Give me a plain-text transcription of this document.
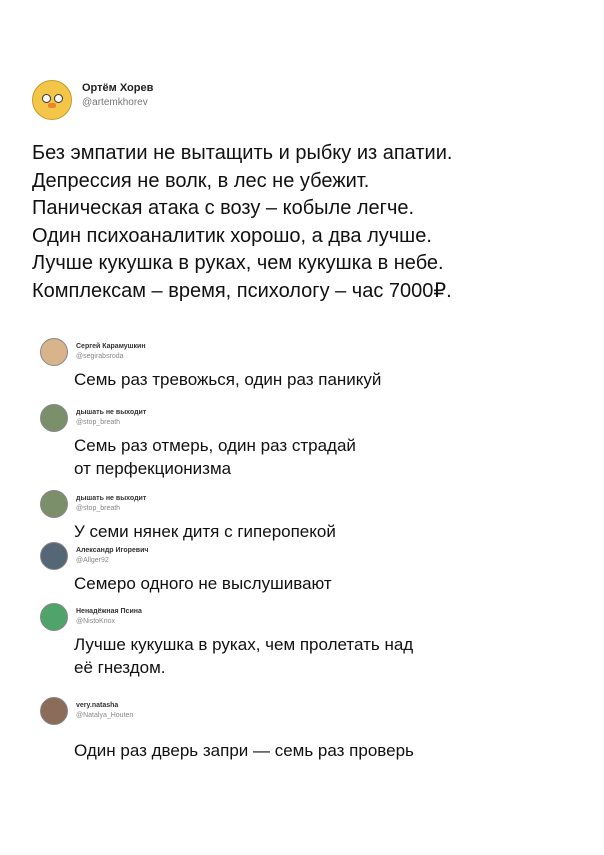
Ортём Хорев
@artemkhorev
Без эмпатии не вытащить и рыбку из апатии.
Депрессия не волк, в лес не убежит.
Паническая атака с возу – кобыле легче.
Один психоаналитик хорошо, а два лучше.
Лучше кукушка в руках, чем кукушка в небе.
Комплексам – время, психологу – час 7000₽.
Сергей Карамушкин
@segirabsroda
Семь раз тревожься, один раз паникуй
дышать не выходит
@stop_breath
Семь раз отмерь, один раз страдай
от перфекционизма
дышать не выходит
@stop_breath
У семи нянек дитя с гиперопекой
Александр Игоревич
@Allger92
Семеро одного не выслушивают
Ненадёжная Псина
@NistoKnox
Лучше кукушка в руках, чем пролетать над
её гнездом.
very.natasha
@Natalya_Houten
Один раз дверь запри — семь раз проверь
